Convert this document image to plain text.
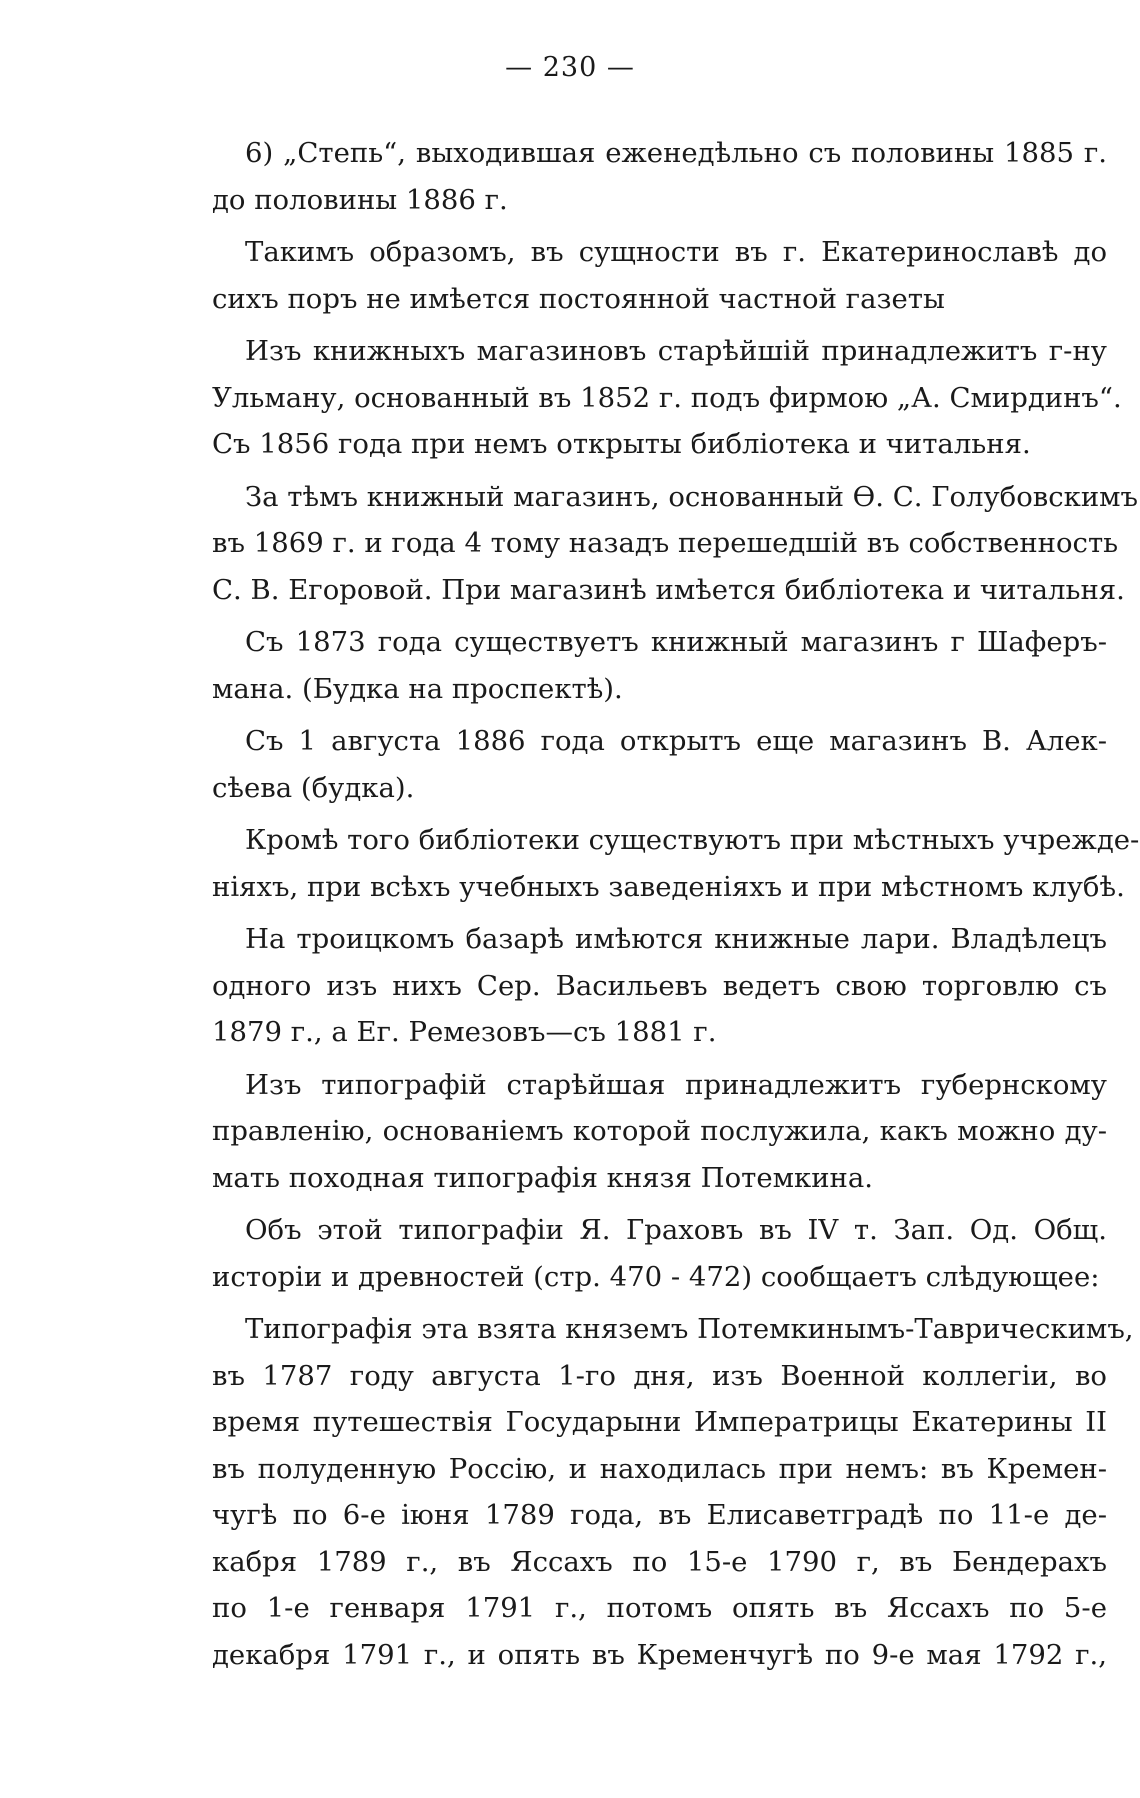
— 230 —
6) „Степь“, выходившая еженедѣльно съ половины 1885 г.
до половины 1886 г.
Такимъ образомъ, въ сущности въ г. Екатеринославѣ до
сихъ поръ не имѣется постоянной частной газеты
Изъ книжныхъ магазиновъ старѣйшій принадлежитъ г-ну
Ульману, основанный въ 1852 г. подъ фирмою „А. Смирдинъ“.
Съ 1856 года при немъ открыты библіотека и читальня.
За тѣмъ книжный магазинъ, основанный Ѳ. С. Голубовскимъ
въ 1869 г. и года 4 тому назадъ перешедшій въ собственность
С. В. Егоровой. При магазинѣ имѣется библіотека и читальня.
Съ 1873 года существуетъ книжный магазинъ г Шаферъ-
мана. (Будка на проспектѣ).
Съ 1 августа 1886 года открытъ еще магазинъ В. Алек-
сѣева (будка).
Кромѣ того библіотеки существуютъ при мѣстныхъ учрежде-
ніяхъ, при всѣхъ учебныхъ заведеніяхъ и при мѣстномъ клубѣ.
На троицкомъ базарѣ имѣются книжные лари. Владѣлецъ
одного изъ нихъ Сер. Васильевъ ведетъ свою торговлю съ
1879 г., а Ег. Ремезовъ—съ 1881 г.
Изъ типографій старѣйшая принадлежитъ губернскому
правленію, основаніемъ которой послужила, какъ можно ду-
мать походная типографія князя Потемкина.
Объ этой типографіи Я. Граховъ въ IV т. Зап. Од. Общ.
исторіи и древностей (стр. 470 - 472) сообщаетъ слѣдующее:
Типографія эта взята княземъ Потемкинымъ-Таврическимъ,
въ 1787 году августа 1-го дня, изъ Военной коллегіи, во
время путешествія Государыни Императрицы Екатерины II
въ полуденную Россію, и находилась при немъ: въ Кремен-
чугѣ по 6-е іюня 1789 года, въ Елисаветградѣ по 11-е де-
кабря 1789 г., въ Яссахъ по 15-е 1790 г, въ Бендерахъ
по 1-е генваря 1791 г., потомъ опять въ Яссахъ по 5-е
декабря 1791 г., и опять въ Кременчугѣ по 9-е мая 1792 г.,
